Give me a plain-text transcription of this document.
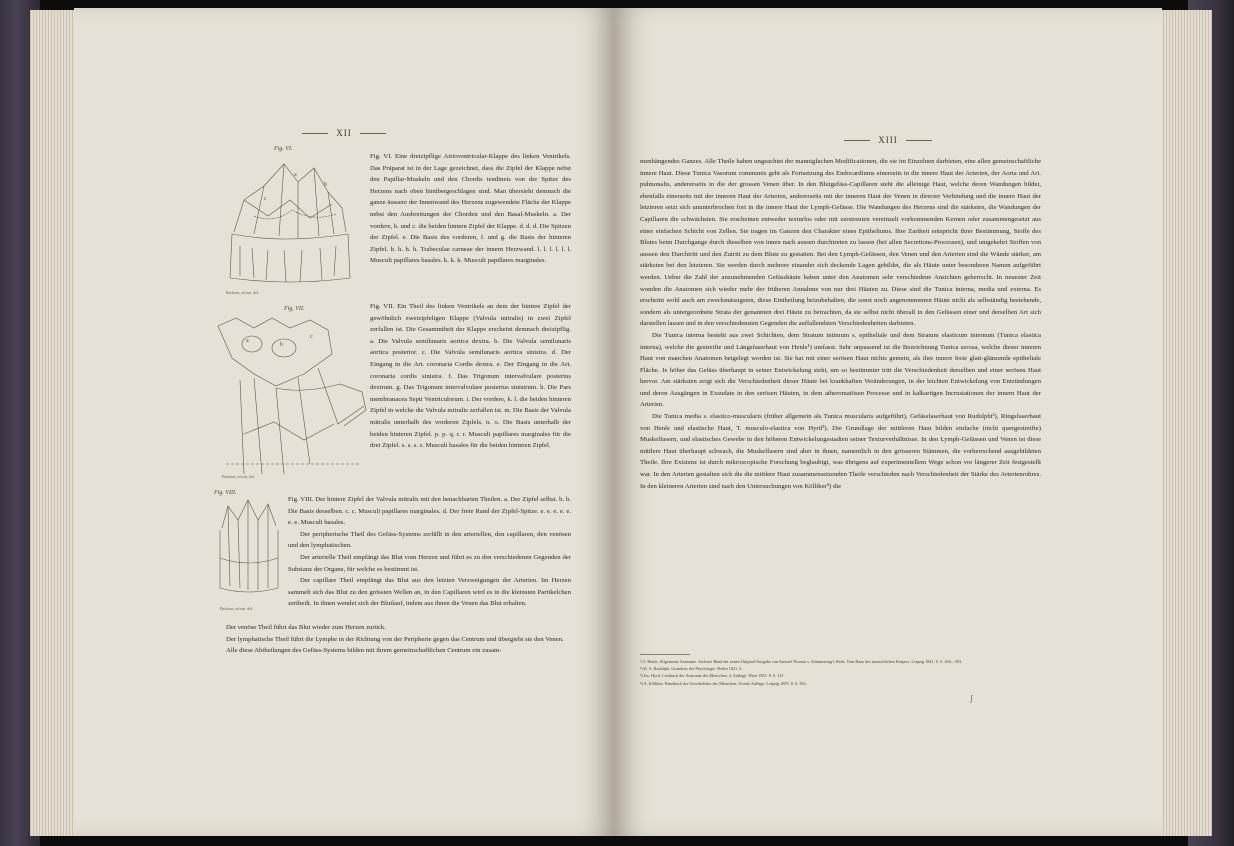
XII
Fig. VI.
b
c
a
Bachaus, ad nat. del.
Fig. VII.
a
b
c
Bachaus, ad nat. del.
Fig. VIII.
Bachaus, ad nat. del.

Fig. VI. Eine dreizipflige Atrioventricular-Klappe des linken Ventrikels. Das Präparat ist in der Lage gezeichnet, dass die Zipfel der Klappe nebst den Papillar-Muskeln und den Chordis tendineis von der Spitze des Herzens nach oben hinübergeschlagen sind. Man übersieht demnach die ganze äussere der Innenwand des Herzens zugewendete Fläche der Klappe nebst den Ausbreitungen der Chorden und den Basal-Muskeln. a. Der vordere, b. und c. die beiden hintern Zipfel der Klappe. d. d. d. Die Spitzen der Zipfel. e. Die Basis des vorderen, f. und g. die Basis der hinteren Zipfel. h. h. h. h. Trabeculae carneae der innern Herzwand. l. l. l. l. l. l. Musculi papillares basales. k. k. k. Musculi papillares marginales.

Fig. VII. Ein Theil des linken Ventrikels an dem der hintere Zipfel der gewöhnlich zweizipfeligen Klappe (Valvula mitralis) in zwei Zipfel zerfallen ist. Die Gesammtheit der Klappe erscheint demnach dreizipflig. a. Die Valvula semilunaris aortica dextra. b. Die Valvula semilunaris aortica posterior. c. Die Valvula semilunaris aortica sinistra. d. Der Eingang in die Art. coronaria Cordis dextra. e. Der Eingang in die Art. coronaria cordis sinistra. f. Das Trigonum intervalvulare posterius dextrum. g. Das Trigonum intervalvulare posterius sinistrum. h. Die Pars membranacea Septi Ventriculorum. i. Der vordere, k. l. die beiden hinteren Zipfel in welche die Valvula mitralis zerfallen ist. m. Die Basis der Valvula mitralis unterhalb des vorderen Zipfels. n. o. Die Basis unterhalb der beiden hinteren Zipfel. p. p. q. r. r. Musculi papillares marginales für die drei Zipfel. s. s. s. s. Musculi basales für die beiden hinteren Zipfel.

Fig. VIII. Der hintere Zipfel der Valvula mitralis mit den benachbarten Theilen. a. Der Zipfel selbst. b. b. Die Basis desselben. c. c. Musculi papillares marginales. d. Der freie Rand der Zipfel-Spitze. e. e. e. e. e. e. e. Musculi basales.

Der peripherische Theil des Gefäss-Systems zerfällt in den arteriellen, den capillaren, den venösen und den lymphatischen.

Der arterielle Theil empfängt das Blut vom Herzen und führt es zu den verschiedenen Gegenden der Substanz der Organe, für welche es bestimmt ist.

Der capillare Theil empfängt das Blut aus den letzten Verzweigungen der Arterien. Im Herzen sammelt sich das Blut zu den grössten Wellen an, in den Capillaren wird es in die kleinsten Partikelchen zertheilt. In ihnen wendet sich der Blutlauf, indem aus ihnen die Venen das Blut erhalten.

Der venöse Theil führt das Blut wieder zum Herzen zurück.

Der lymphatische Theil führt die Lymphe in der Richtung von der Peripherie gegen das Centrum und übergiebt sie den Venen.

Alle diese Abtheilungen des Gefäss-Systems bilden mit ihrem gemeinschaftlichen Centrum ein zusam-

XIII

menhängendes Ganzes. Alle Theile haben ungeachtet der mannigfachen Modificationen, die sie im Einzelnen darbieten, eine allen gemeinschaftliche innere Haut. Diese Tunica Vasorum communis geht als Fortsetzung des Endocardiums einerseits in die innere Haut der Arterien, der Aorta und Art. pulmonalis, andererseits in die der grossen Venen über. In den Blutgefäss-Capillaren steht die alleinige Haut, welche deren Wandungen bildet, ebenfalls einerseits mit der inneren Haut der Arterien, andererseits mit der inneren Haut der Venen in directer Verbindung und die innere Haut der letzteren setzt sich ununterbrochen fort in die innere Haut der Lymph-Gefässe. Die Wandungen des Herzens sind die stärksten, die Wandungen der Capillaren die schwächsten. Sie erscheinen entweder texturlos oder mit zerstreuten vereinzelt vorkommenden Kernen oder zusammengesetzt aus einer einfachen Schicht von Zellen. Sie tragen im Ganzen den Charakter eines Epitheliums. Ihre Zartheit entspricht ihrer Bestimmung, Stoffe des Blutes beim Durchgange durch dieselben von innen nach aussen durchtreten zu lassen (bei allen Secretions-Processen), und umgekehrt Stoffen von aussen den Durchtritt und den Zutritt zu dem Blute zu gestatten. Bei den Lymph-Gefässen, den Venen und den Arterien sind die Wände stärker, am stärksten bei den letzteren. Sie werden durch mehrere einander sich deckende Lagen gebildet, die als Häute unter besonderen Namen aufgeführt werden. Ueber die Zahl der anzunehmenden Gefässhäute haben unter den Anatomen sehr verschiedene Ansichten geherrscht. In neuester Zeit wonden die Anatomen sich wieder mehr der früheren Annahme von nur drei Häuten zu. Diese sind die Tunica interna, media und externa. Es erscheint wohl auch am zweckmässigsten, diese Eintheilung beizubehalten, die sonst noch angenommenen Häute nicht als selbständig bestehende, sondern als untergeordnete Strata der genannten drei Häute zu betrachten, da sie selbst nicht überall in den Gefässen einer und derselben Art sich darstellen lassen und in den verschiedensten Gegenden die auffallendsten Verschiedenheiten darbieten.

Die Tunica interna besteht aus zwei Schichten, dem Stratum intimum s. epitheliale und dem Stratum elasticum internum (Tunica elastica interna), welche die gestreifte und Längsfaserhaut von Henle¹) umfasst. Sehr unpassend ist die Bezeichnung Tunica serosa, welche dieser inneren Haut von manchen Anatomen beigelegt worden ist. Sie hat mit einer serösen Haut nichts gemein, als ihre innere freie glatt-glänzende epitheliale Fläche. Je höher das Gefäss überhaupt in seiner Entwickelung steht, um so bestimmter tritt die Verschiedenheit derselben und einer serösen Haut hervor. Am stärksten zeigt sich die Verschiedenheit dieser Häute bei krankhaften Veränderungen, in der leichten Entwickelung von Entzündungen und deren Ausgängen in Exsudate in den serösen Häuten, in dem atheromatösen Processe und in kalkartigen Incrustationen der innern Haut der Arterien.

Die Tunica media s. elastico-muscularis (früher allgemein als Tunica muscularis aufgeführt), Gefässfaserhaut von Rudolphi²), Ringsfaserhaut von Henle und elastische Haut, T. musculo-elastica von Hyrtl³). Die Grundlage der mittleren Haut bilden einfache (nicht quergestreifte) Muskelfasern, und elastisches Gewebe in den höheren Entwickelungsstadien seiner Texturverhältnisse. In den Lymph-Gefässen und Venen ist diese mittlere Haut überhaupt schwach, die Muskelfasern sind aber in ihnen, namentlich in den grösseren Stämmen, die vorherrschend ausgebildeten Theile. Ihre Existenz ist durch mikroscopische Forschung beglaubigt, was übrigens auf experimentellem Wege schon vor längerer Zeit festgestellt war. In den Arterien gestalten sich die die mittlere Haut zusammensetzenden Theile verschieden nach Verschiedenheit der Stärke des Arterienrohres. In den kleineren Arterien sind nach den Untersuchungen von Kölliker⁴) die

¹) J. Henle, Allgemeine Anatomie. Sechster Band der neuen Original-Ausgabe von Samuel Thomas v. Sömmerring's Werk: Vom Baue des menschlichen Körpers. Leipzig 1841. S. S. 494—503.

²) K. A. Rudolphi, Grundriss der Physiologie. Berlin 1821. 6.

³) Jos. Hyrtl, Lehrbuch der Anatomie des Menschen. 4. Auflage. Wien 1855. 8. S. 121.

⁴) A. Kölliker, Handbuch der Gewebelehre des Menschen. Zweite Auflage. Leipzig 1855. 8. S. 563.

ʃ
